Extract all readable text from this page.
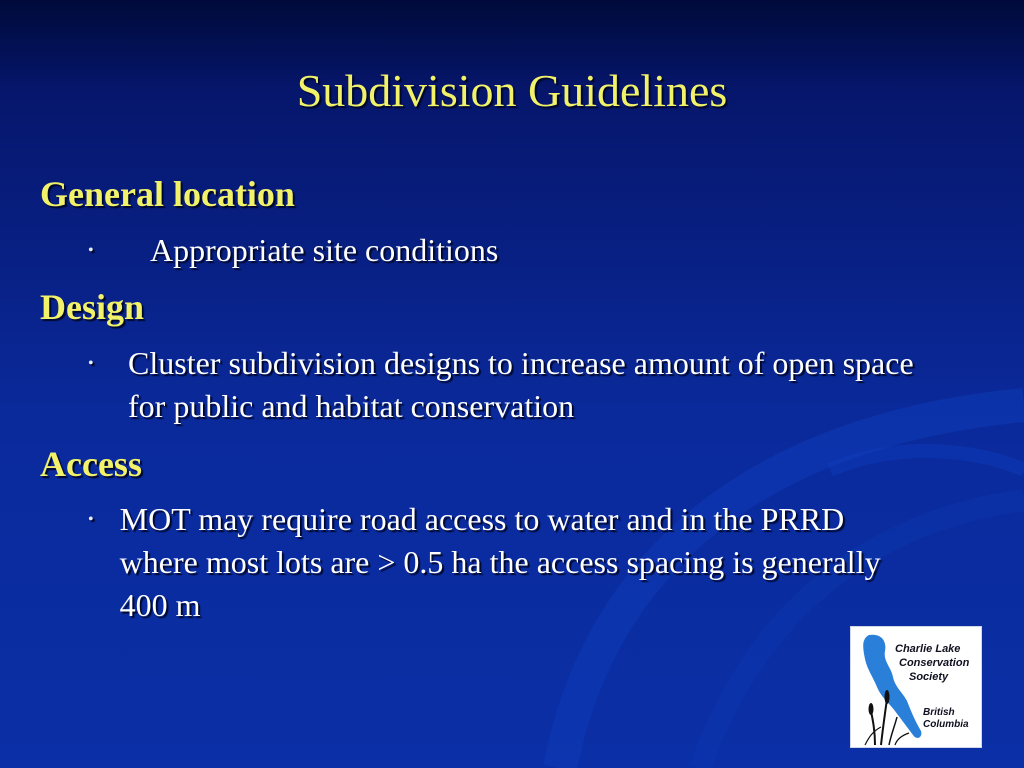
Subdivision Guidelines
General location
•	Appropriate site conditions
Design
•	Cluster subdivision designs to increase amount of open space for public and habitat conservation
Access
• MOT may require road access to water and in the PRRD where most lots are > 0.5 ha the access spacing is generally 400 m
Charlie Lake
Conservation
Society
British
Columbia
